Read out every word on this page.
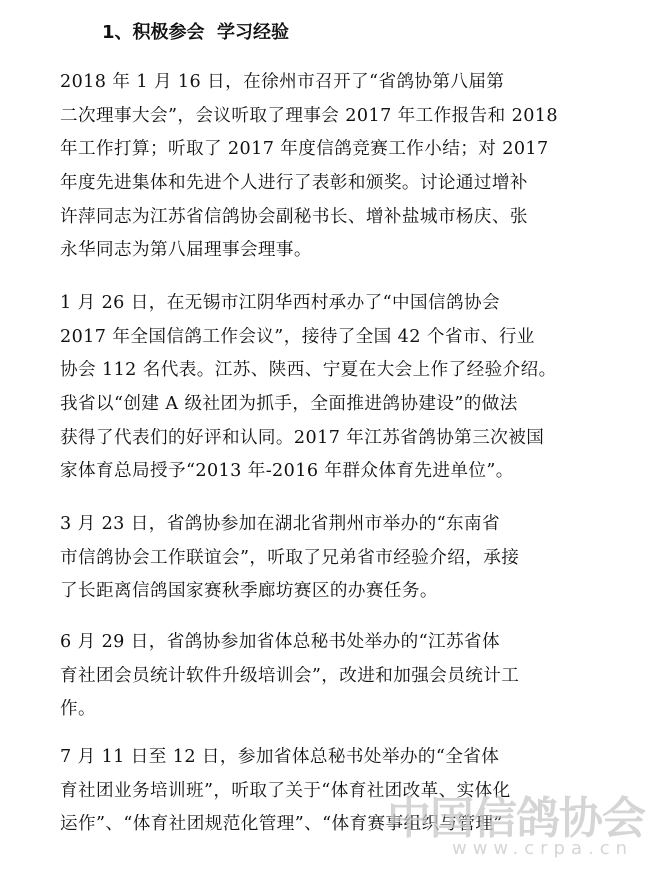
1、积极参会  学习经验
2018 年 1 月 16 日，在徐州市召开了“省鸽协第八届第
二次理事大会”，会议听取了理事会 2017 年工作报告和 2018
年工作打算；听取了 2017 年度信鸽竞赛工作小结；对 2017
年度先进集体和先进个人进行了表彰和颁奖。讨论通过增补
许萍同志为江苏省信鸽协会副秘书长、增补盐城市杨庆、张
永华同志为第八届理事会理事。
1 月 26 日，在无锡市江阴华西村承办了“中国信鸽协会
2017 年全国信鸽工作会议”，接待了全国 42 个省市、行业
协会 112 名代表。江苏、陕西、宁夏在大会上作了经验介绍。
我省以“创建 A 级社团为抓手，全面推进鸽协建设”的做法
获得了代表们的好评和认同。2017 年江苏省鸽协第三次被国
家体育总局授予“2013 年-2016 年群众体育先进单位”。
3 月 23 日，省鸽协参加在湖北省荆州市举办的“东南省
市信鸽协会工作联谊会”，听取了兄弟省市经验介绍，承接
了长距离信鸽国家赛秋季廊坊赛区的办赛任务。
6 月 29 日，省鸽协参加省体总秘书处举办的“江苏省体
育社团会员统计软件升级培训会”，改进和加强会员统计工
作。
7 月 11 日至 12 日，参加省体总秘书处举办的“全省体
育社团业务培训班”，听取了关于“体育社团改革、实体化
运作”、“体育社团规范化管理”、“体育赛事组织与管理”
中国信鸽协会
www.crpa.cn
